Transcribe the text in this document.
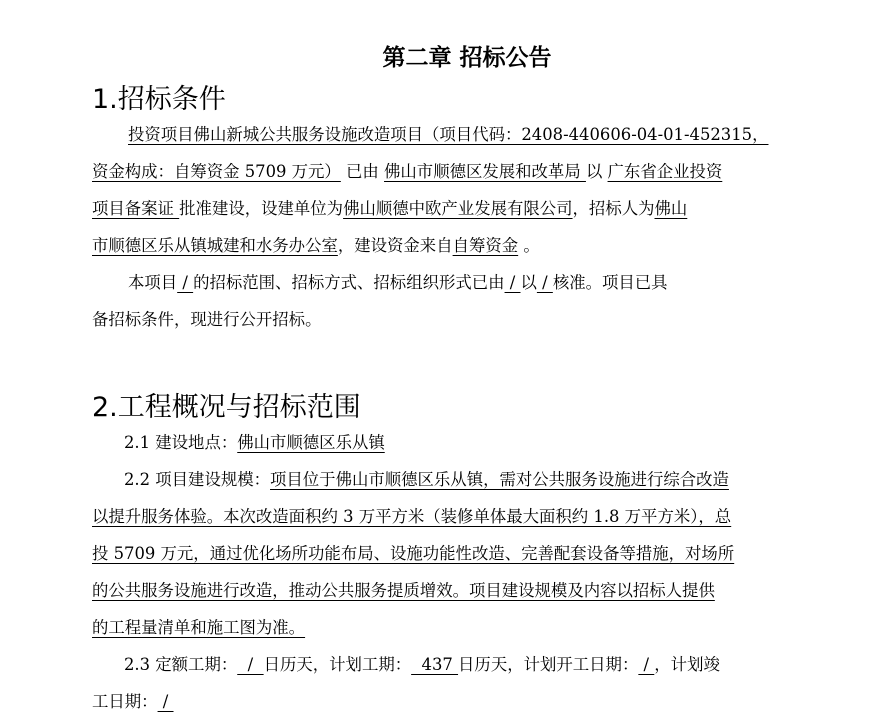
第二章 招标公告
1.招标条件
投资项目佛山新城公共服务设施改造项目（项目代码：2408-440606-04-01-452315，
资金构成：自筹资金 5709 万元） 已由 佛山市顺德区发展和改革局 以 广东省企业投资
项目备案证 批准建设，设建单位为佛山顺德中欧产业发展有限公司，招标人为佛山
市顺德区乐从镇城建和水务办公室，建设资金来自自筹资金 。
本项目 / 的招标范围、招标方式、招标组织形式已由 / 以 / 核准。项目已具
备招标条件，现进行公开招标。
2.工程概况与招标范围
2.1 建设地点：佛山市顺德区乐从镇
2.2 项目建设规模：项目位于佛山市顺德区乐从镇，需对公共服务设施进行综合改造
以提升服务体验。本次改造面积约 3 万平方米（装修单体最大面积约 1.8 万平方米），总
投 5709 万元，通过优化场所功能布局、设施功能性改造、完善配套设备等措施，对场所
的公共服务设施进行改造，推动公共服务提质增效。项目建设规模及内容以招标人提供
的工程量清单和施工图为准。
2.3 定额工期：  /  日历天，计划工期：  437 日历天，计划开工日期： / ，计划竣
工日期： /
